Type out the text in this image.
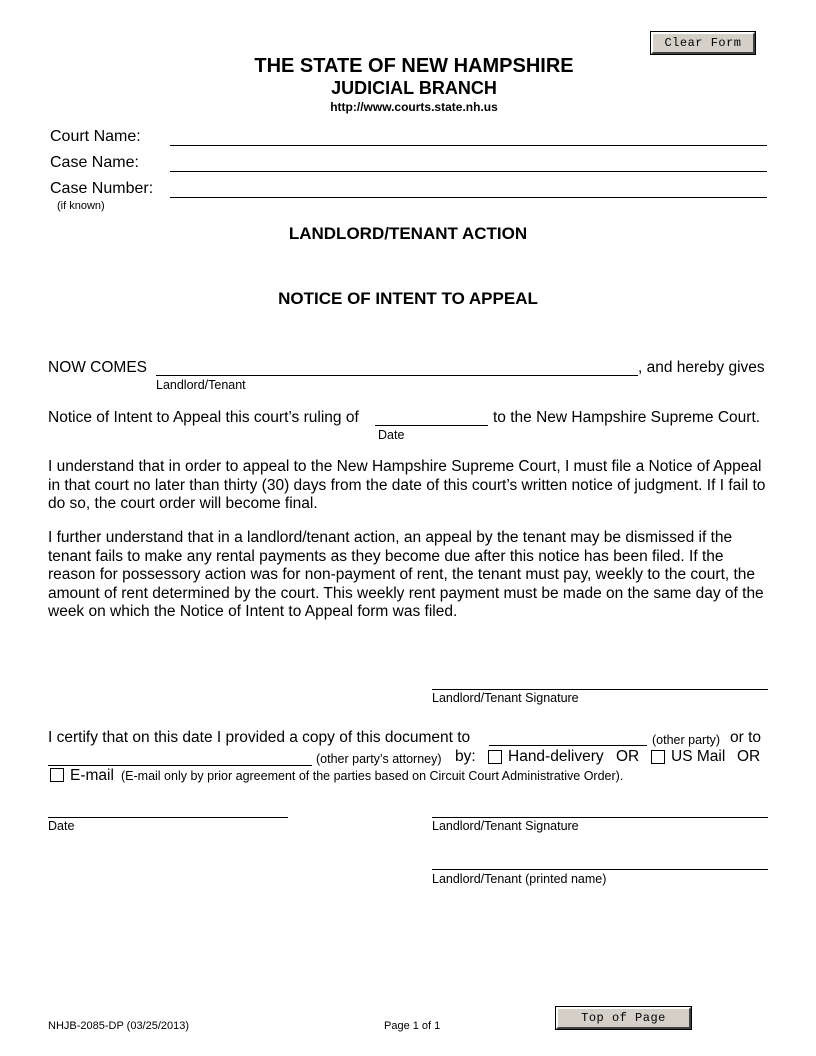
Clear Form
Top of Page
THE STATE OF NEW HAMPSHIRE
JUDICIAL BRANCH
http://www.courts.state.nh.us
Court Name:
Case Name:
Case Number:
(if known)
LANDLORD/TENANT ACTION
NOTICE OF INTENT TO APPEAL
NOW COMES	, and hereby gives
Landlord/Tenant
Notice of Intent to Appeal this court’s ruling of	to the New Hampshire Supreme Court.
Date
I understand that in order to appeal to the New Hampshire Supreme Court, I must file a Notice of Appeal in that court no later than thirty (30) days from the date of this court’s written notice of judgment. If I fail to do so, the court order will become final.
I further understand that in a landlord/tenant action, an appeal by the tenant may be dismissed if the tenant fails to make any rental payments as they become due after this notice has been filed. If the reason for possessory action was for non-payment of rent, the tenant must pay, weekly to the court, the amount of rent determined by the court. This weekly rent payment must be made on the same day of the week on which the Notice of Intent to Appeal form was filed.
Landlord/Tenant Signature
I certify that on this date I provided a copy of this document to	(other party) or to
(other party’s attorney) by: Hand-delivery OR US Mail OR
E-mail (E-mail only by prior agreement of the parties based on Circuit Court Administrative Order).
Date	Landlord/Tenant Signature
Landlord/Tenant (printed name)
NHJB-2085-DP (03/25/2013)	Page 1 of 1
